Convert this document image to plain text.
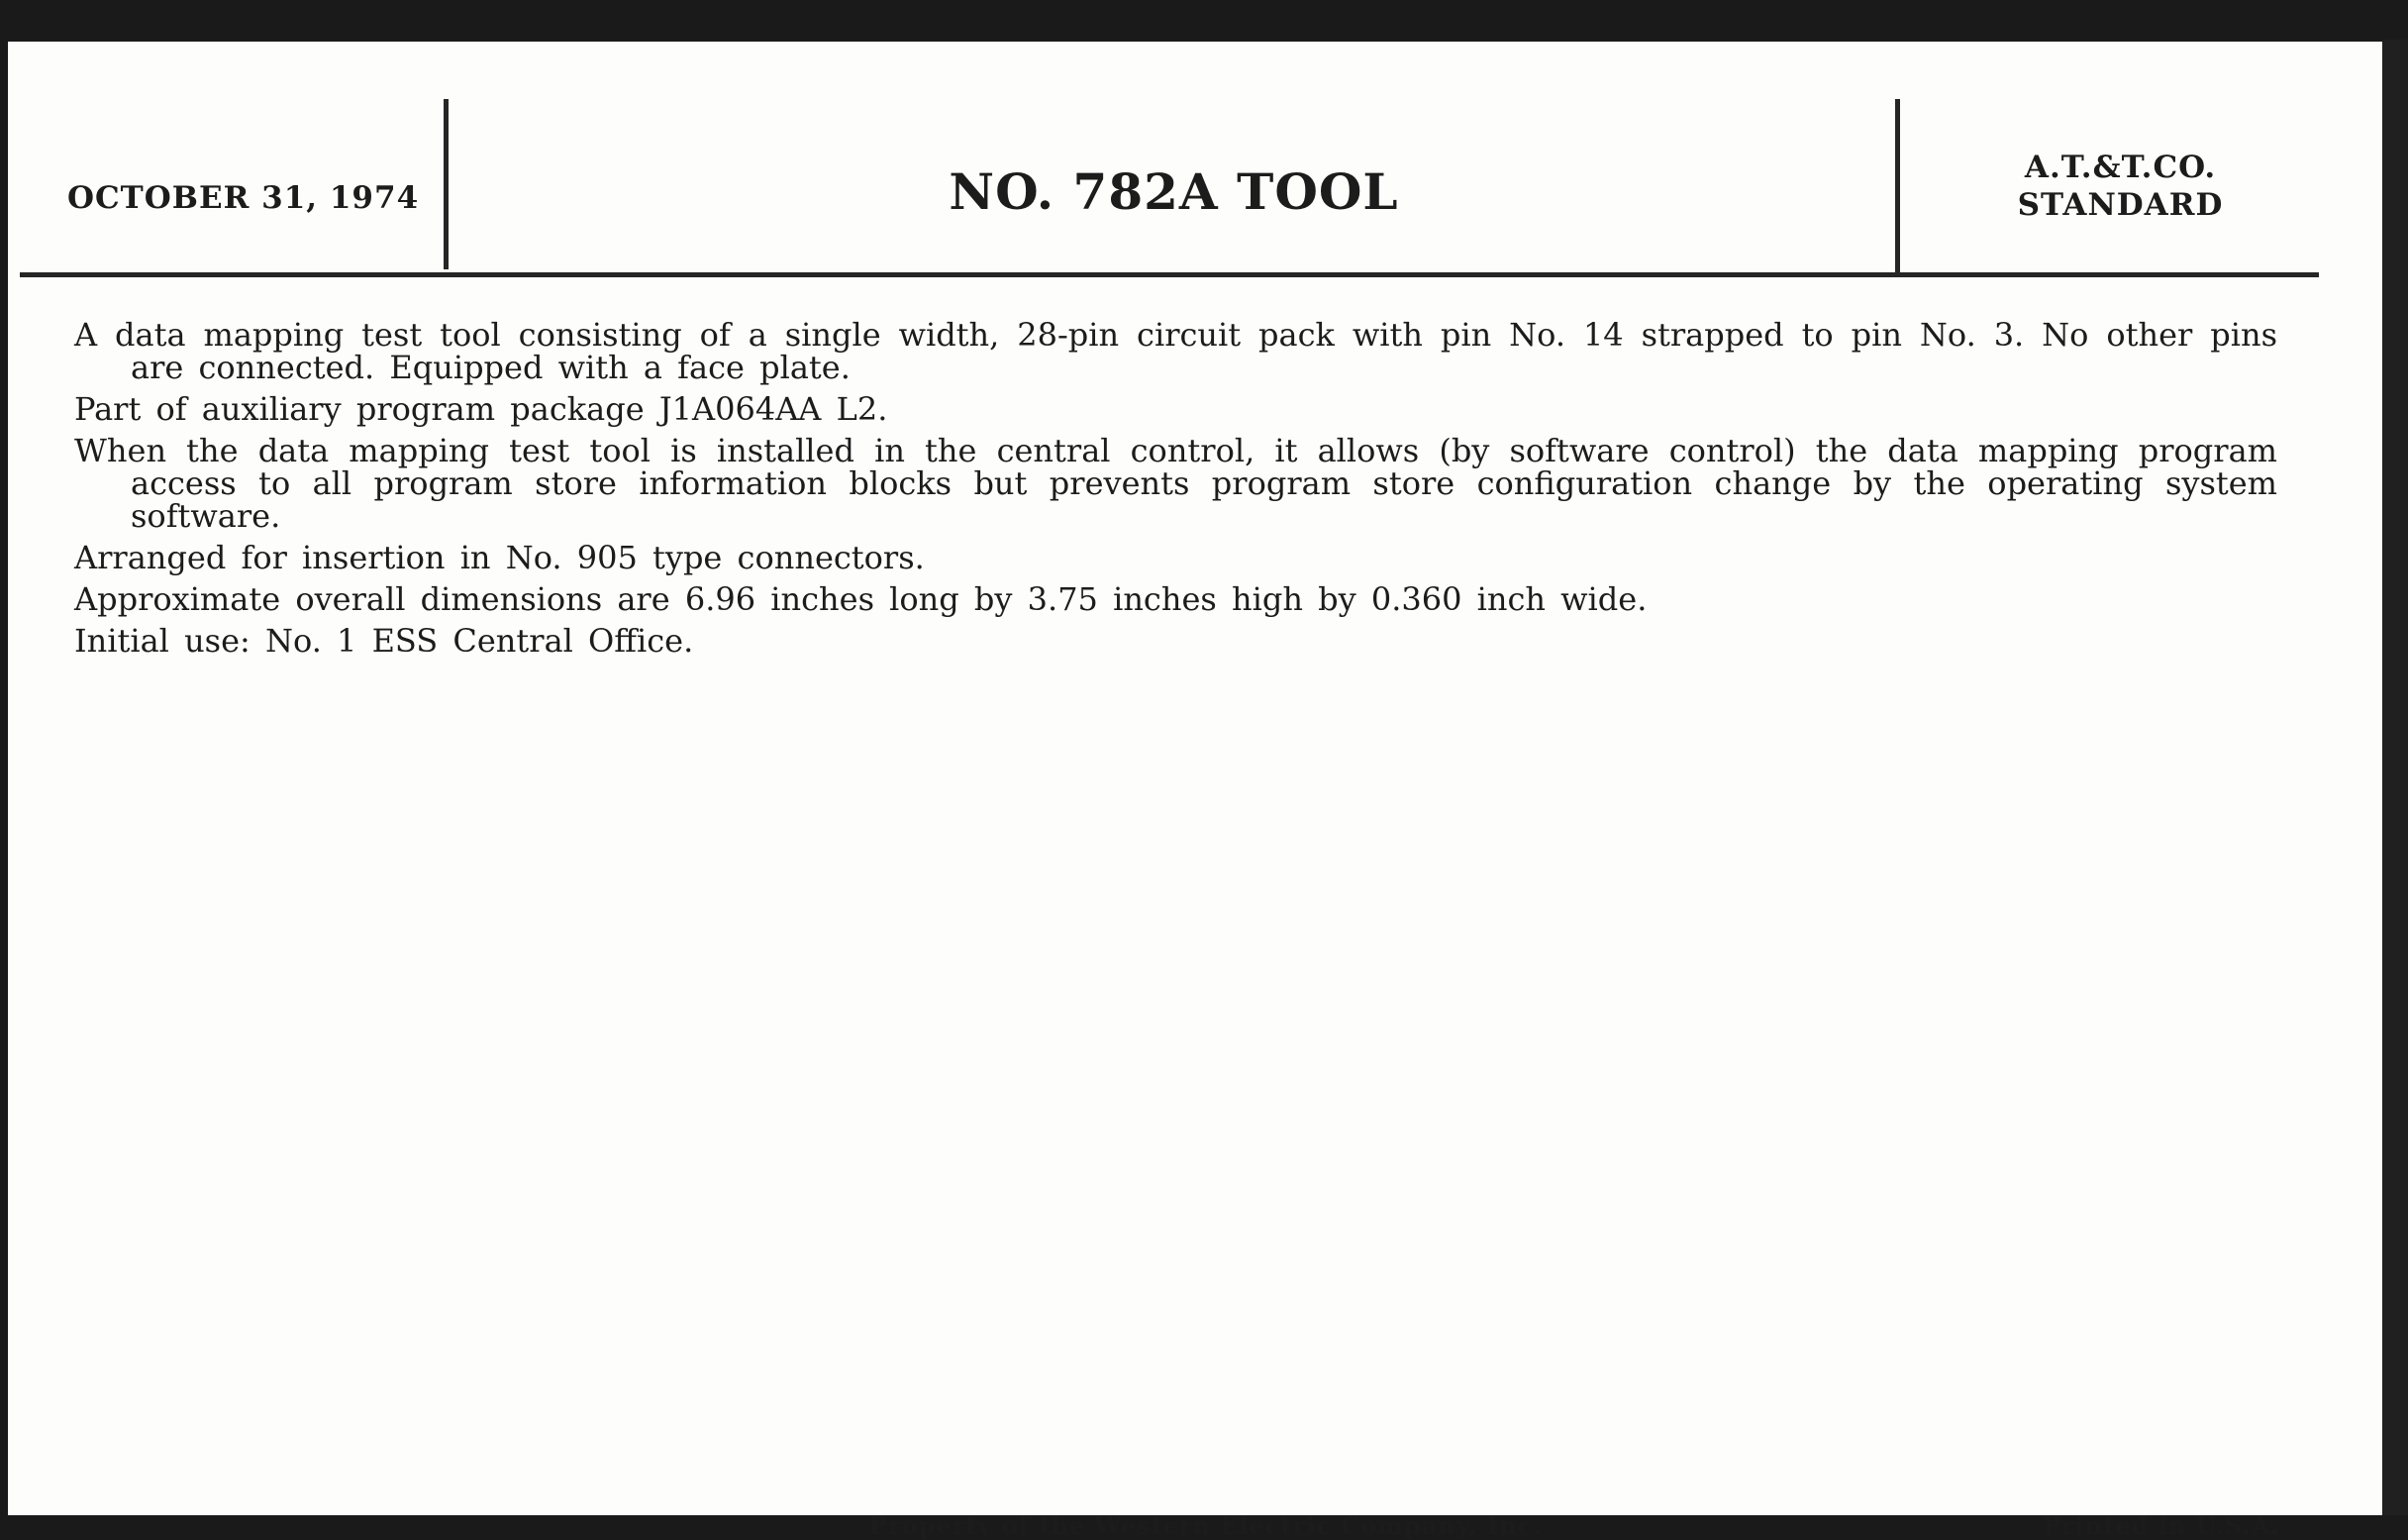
OCTOBER 31, 1974	NO. 782A TOOL	A.T.&T.CO.
STANDARD

A data mapping test tool consisting of a single width, 28-pin circuit pack with pin No. 14 strapped to pin No. 3. No other pins are connected. Equipped with a face plate.

Part of auxiliary program package J1A064AA L2.

When the data mapping test tool is installed in the central control, it allows (by software control) the data mapping program access to all program store information blocks but prevents program store configuration change by the operating system software.

Arranged for insertion in No. 905 type connectors.

Approximate overall dimensions are 6.96 inches long by 3.75 inches high by 0.360 inch wide.

Initial use: No. 1 ESS Central Office.

Property of the Western Electric Company, Inc.	Printed in U.S.A.
